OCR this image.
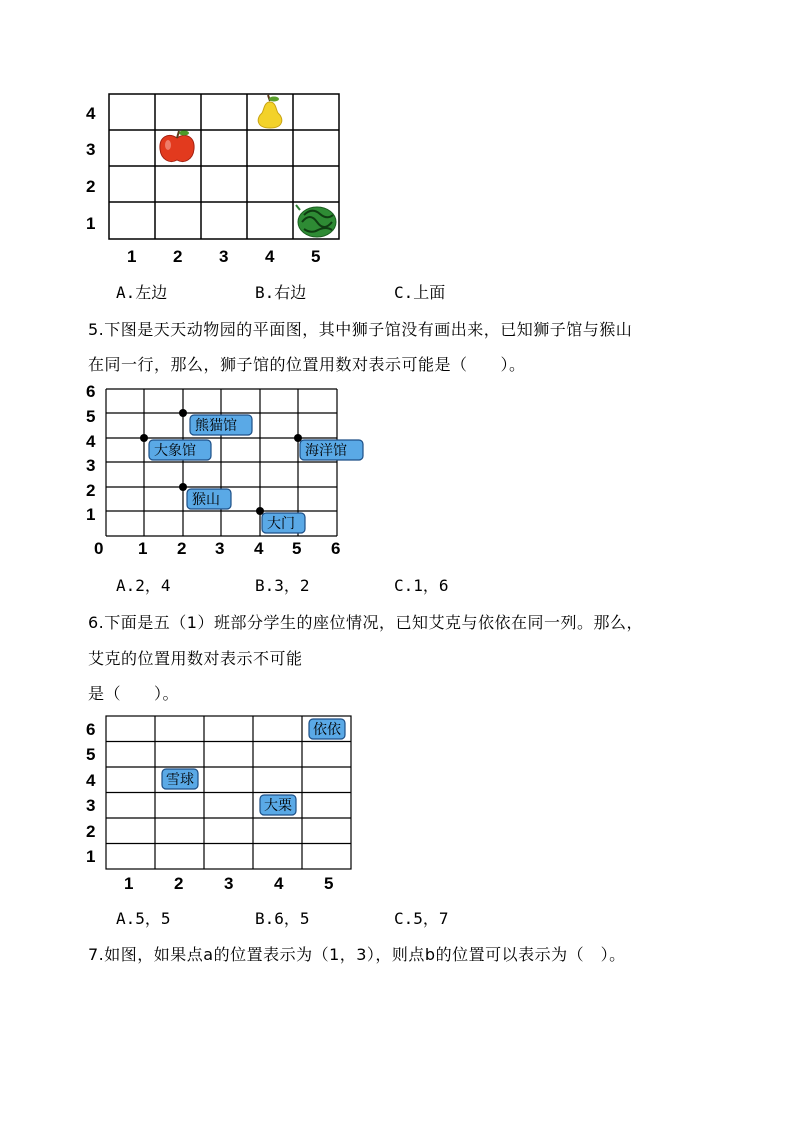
4
3
2
1
1 2 3 4 5
1
2
3
4
5
6
0 1 2 3 4 5 6
熊猫馆
大象馆	海洋馆
猴山
大门
6
5
4
3
2
1
1 2 3 4 5
依依
雪球
大栗
A.左边	B.右边	C.上面
5.下图是天天动物园的平面图，其中狮子馆没有画出来，已知狮子馆与猴山
在同一行，那么，狮子馆的位置用数对表示可能是（　　）。
A.2，4	B.3，2	C.1，6
6.下面是五（1）班部分学生的座位情况，已知艾克与依依在同一列。那么，
艾克的位置用数对表示不可能
是（　　）。
A.5，5	B.6，5	C.5，7
7.如图，如果点a的位置表示为（1，3），则点b的位置可以表示为（　）。
